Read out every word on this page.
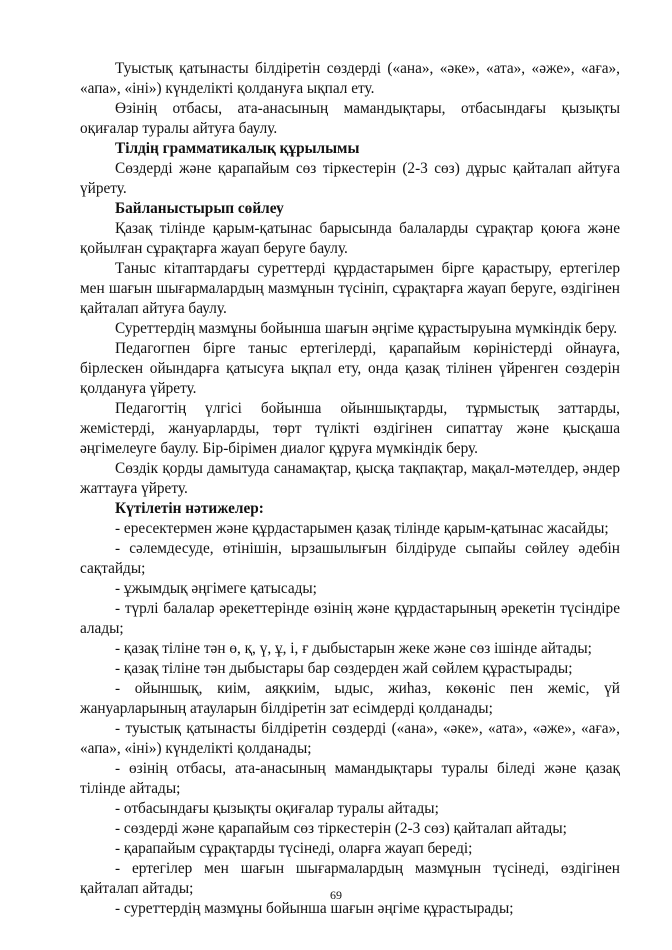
Туыстық қатынасты білдіретін сөздерді («ана», «әке», «ата», «әже», «аға», «апа», «іні») күнделікті қолдануға ықпал ету.

Өзінің отбасы, ата-анасының мамандықтары, отбасындағы қызықты оқиғалар туралы айтуға баулу.

Тілдің грамматикалық құрылымы

Сөздерді және қарапайым сөз тіркестерін (2-3 сөз) дұрыс қайталап айтуға үйрету.

Байланыстырып сөйлеу

Қазақ тілінде қарым-қатынас барысында балаларды сұрақтар қоюға және қойылған сұрақтарға жауап беруге баулу.

Таныс кітаптардағы суреттерді құрдастарымен бірге қарастыру, ертегілер мен шағын шығармалардың мазмұнын түсініп, сұрақтарға жауап беруге, өздігінен қайталап айтуға баулу.

Суреттердің мазмұны бойынша шағын әңгіме құрастыруына мүмкіндік беру.

Педагогпен бірге таныс ертегілерді, қарапайым көріністерді ойнауға, бірлескен ойындарға қатысуға ықпал ету, онда қазақ тілінен үйренген сөздерін қолдануға үйрету.

Педагогтің үлгісі бойынша ойыншықтарды, тұрмыстық заттарды, жемістерді, жануарларды, төрт түлікті өздігінен сипаттау және қысқаша әңгімелеуге баулу. Бір-бірімен диалог құруға мүмкіндік беру.

Сөздік қорды дамытуда санамақтар, қысқа тақпақтар, мақал-мәтелдер, әндер жаттауға үйрету.

Күтілетін нәтижелер:

- ересектермен және құрдастарымен қазақ тілінде қарым-қатынас жасайды;

- сәлемдесуде, өтінішін, ырзашылығын білдіруде сыпайы сөйлеу әдебін сақтайды;

- ұжымдық әңгімеге қатысады;

- түрлі балалар әрекеттерінде өзінің және құрдастарының әрекетін түсіндіре алады;

- қазақ тіліне тән ө, қ, ү, ұ, і, ғ дыбыстарын жеке және сөз ішінде айтады;

- қазақ тіліне тән дыбыстары бар сөздерден жай сөйлем құрастырады;

- ойыншық, киім, аяқкиім, ыдыс, жиһаз, көкөніс пен жеміс, үй жануарларының атауларын білдіретін зат есімдерді қолданады;

- туыстық қатынасты білдіретін сөздерді («ана», «әке», «ата», «әже», «аға», «апа», «іні») күнделікті қолданады;

- өзінің отбасы, ата-анасының мамандықтары туралы біледі және қазақ тілінде айтады;

- отбасындағы қызықты оқиғалар туралы айтады;

- сөздерді және қарапайым сөз тіркестерін (2-3 сөз) қайталап айтады;

- қарапайым сұрақтарды түсінеді, оларға жауап береді;

- ертегілер мен шағын шығармалардың мазмұнын түсінеді, өздігінен қайталап айтады;

- суреттердің мазмұны бойынша шағын әңгіме құрастырады;

69
